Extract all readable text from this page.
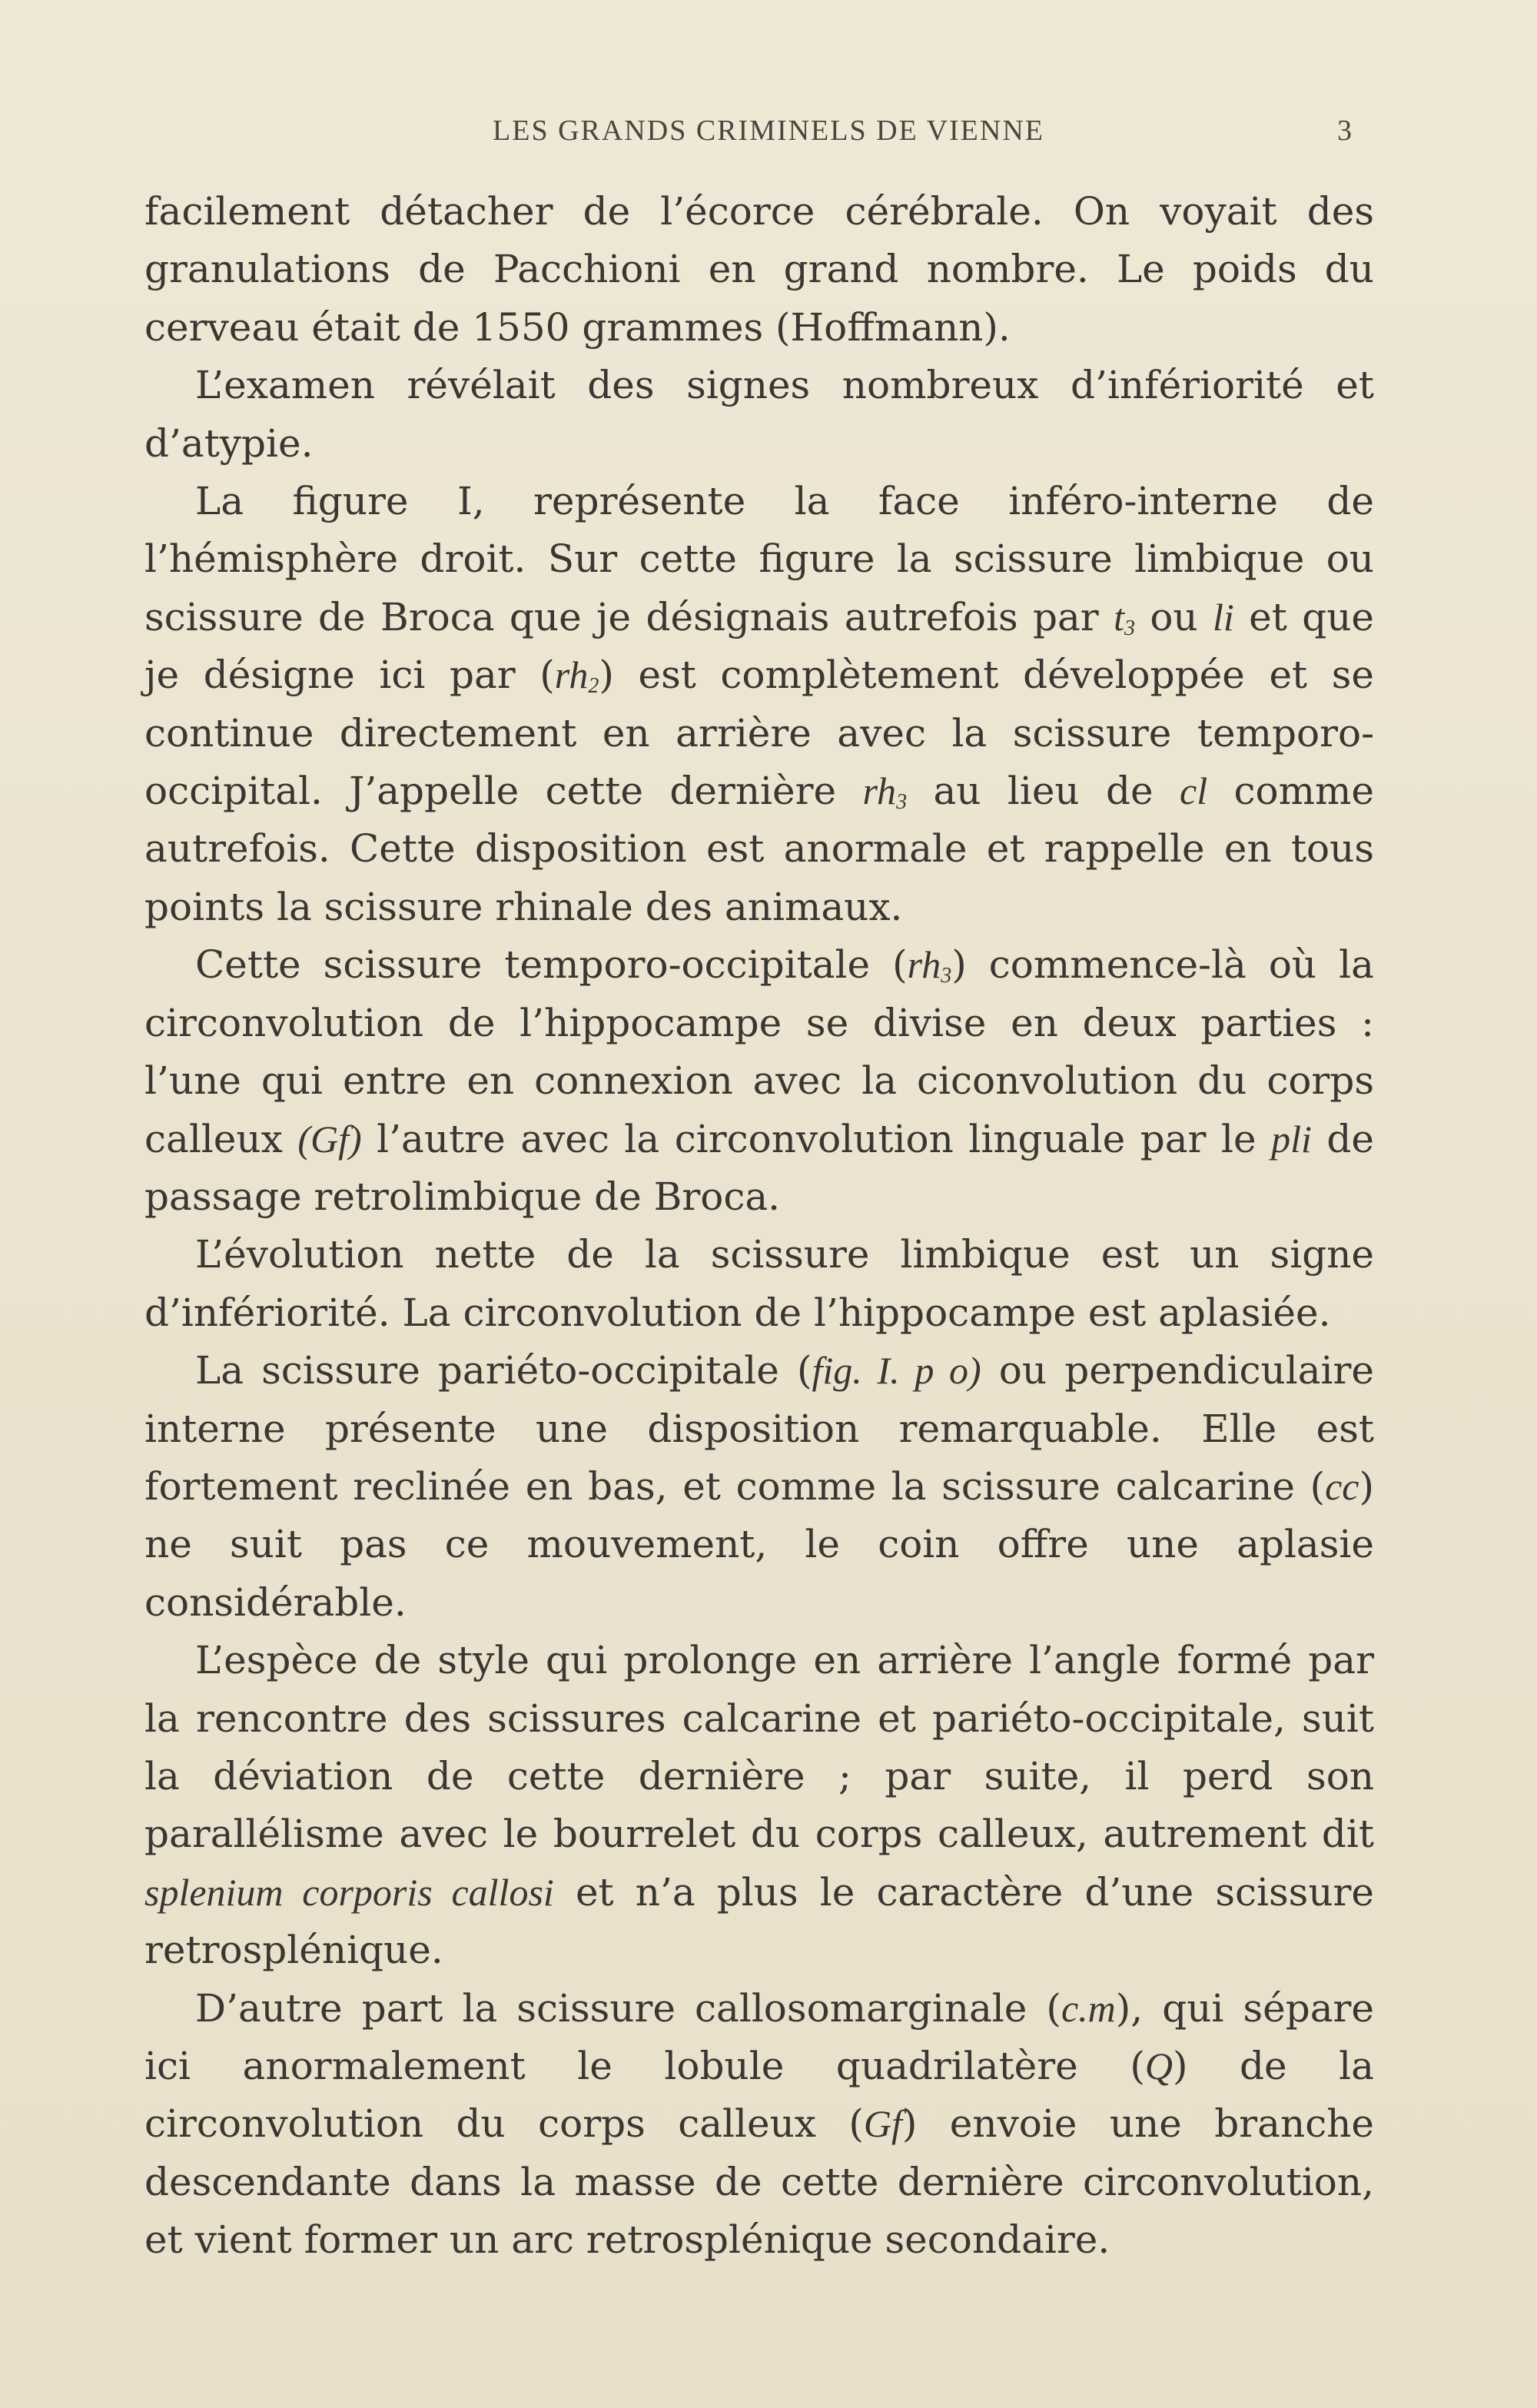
LES GRANDS CRIMINELS DE VIENNE	3

facilement détacher de l’écorce cérébrale. On voyait des granulations de Pacchioni en grand nombre. Le poids du cerveau était de 1550 grammes (Hoffmann).

L’examen révélait des signes nombreux d’infériorité et d’atypie.

La figure I, représente la face inféro-interne de l’hémisphère droit. Sur cette figure la scissure limbique ou scissure de Broca que je désignais autrefois par $t_3$ ou li et que je désigne ici par $(rh_2)$ est complètement développée et se continue directement en arrière avec la scissure temporo-occipital. J’appelle cette dernière $rh_3$ au lieu de cl comme autrefois. Cette disposition est anormale et rappelle en tous points la scissure rhinale des animaux.

Cette scissure temporo-occipitale $(rh_3)$ commence-là où la circonvolution de l’hippocampe se divise en deux parties : l’une qui entre en connexion avec la ciconvolution du corps calleux (Gf) l’autre avec la circonvolution linguale par le pli de passage retrolimbique de Broca.

L’évolution nette de la scissure limbique est un signe d’infériorité. La circonvolution de l’hippocampe est aplasiée.

La scissure pariéto-occipitale (fig. I. p o) ou perpendiculaire interne présente une disposition remarquable. Elle est fortement reclinée en bas, et comme la scissure calcarine (cc) ne suit pas ce mouvement, le coin offre une aplasie considérable.

L’espèce de style qui prolonge en arrière l’angle formé par la rencontre des scissures calcarine et pariéto-occipitale, suit la déviation de cette dernière ; par suite, il perd son parallélisme avec le bourrelet du corps calleux, autrement dit splenium corporis callosi et n’a plus le caractère d’une scissure retrosplénique.

D’autre part la scissure callosomarginale (c.m), qui sépare ici anormalement le lobule quadrilatère (Q) de la circonvolution du corps calleux (Gf) envoie une branche descendante dans la masse de cette dernière circonvolution, et vient former un arc retrosplénique secondaire.
